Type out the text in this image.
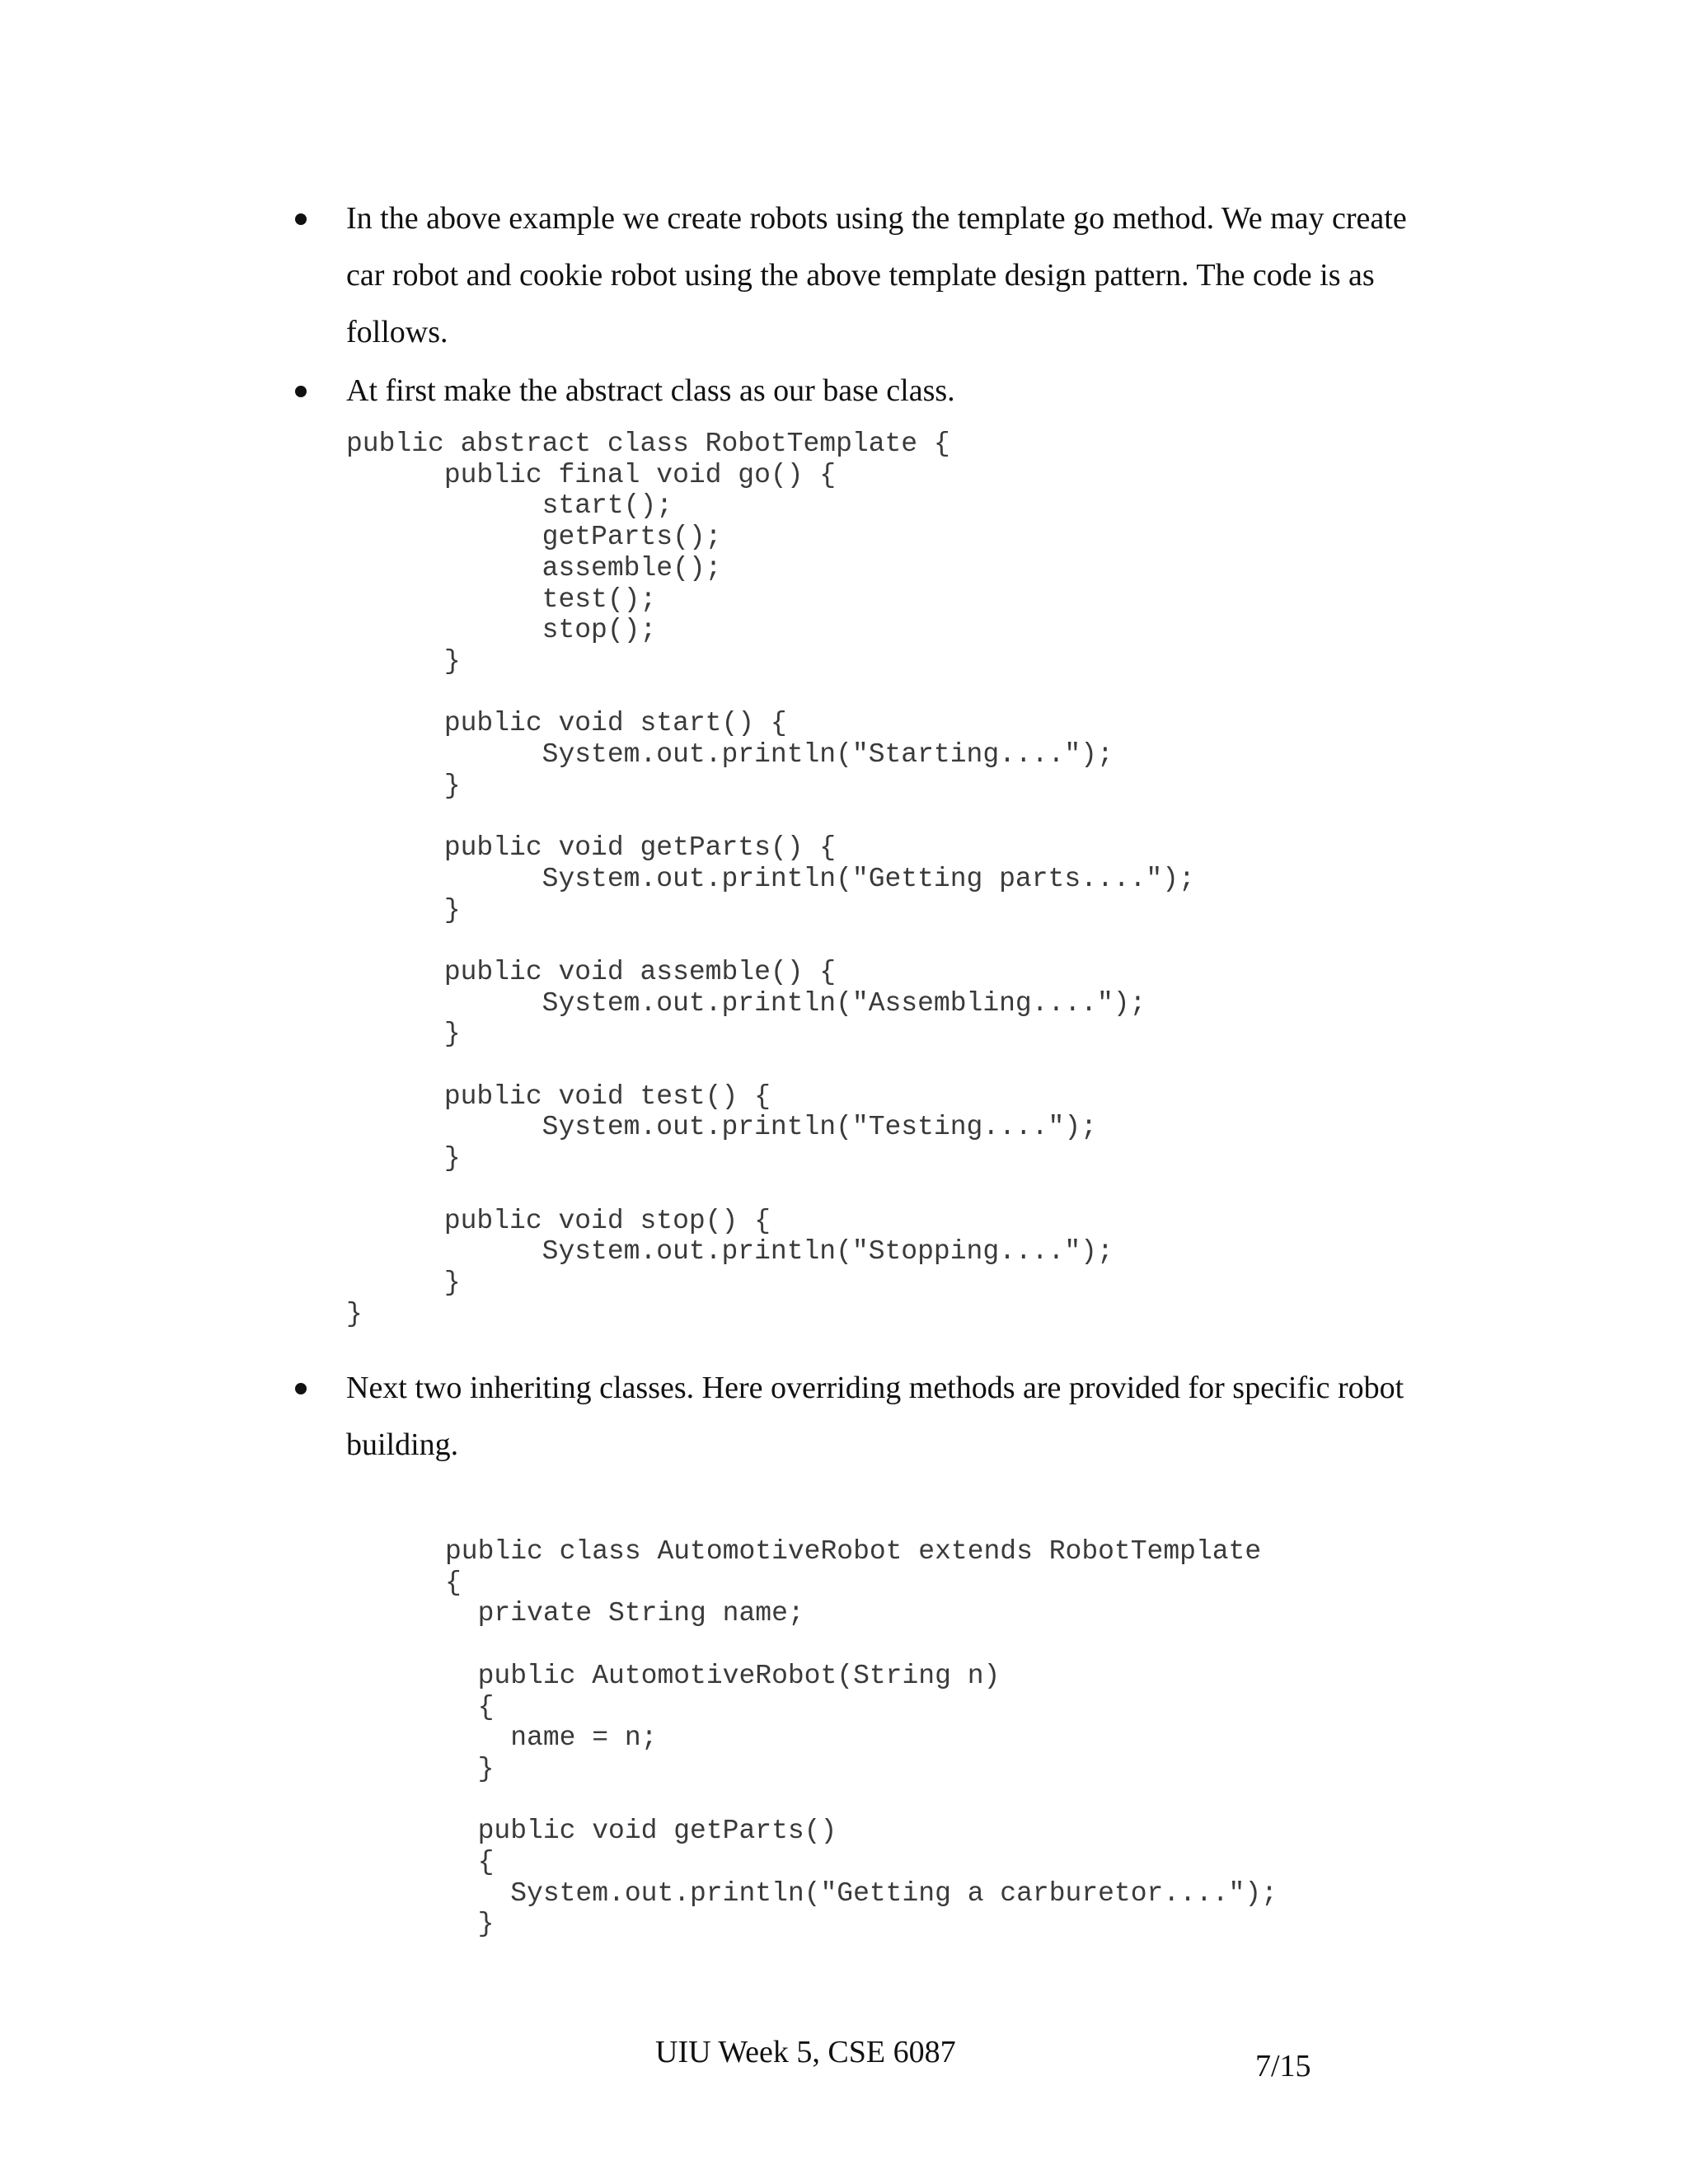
In the above example we create robots using the template go method. We may create car robot and cookie robot using the above template design pattern. The code is as follows.
At first make the abstract class as our base class.
public abstract class RobotTemplate {
	public final void go() {
		start();
		getParts();
		assemble();
		test();
		stop();
	}

	public void start() {
		System.out.println("Starting....");
	}

	public void getParts() {
		System.out.println("Getting parts....");
	}

	public void assemble() {
		System.out.println("Assembling....");
	}

	public void test() {
		System.out.println("Testing....");
	}

	public void stop() {
		System.out.println("Stopping....");
	}
}
Next two inheriting classes. Here overriding methods are provided for specific robot building.
public class AutomotiveRobot extends RobotTemplate
{
private String name;

public AutomotiveRobot(String n)
{
name = n;
}

public void getParts()
{
System.out.println("Getting a carburetor....");
}
UIU Week 5, CSE 6087	7/15
